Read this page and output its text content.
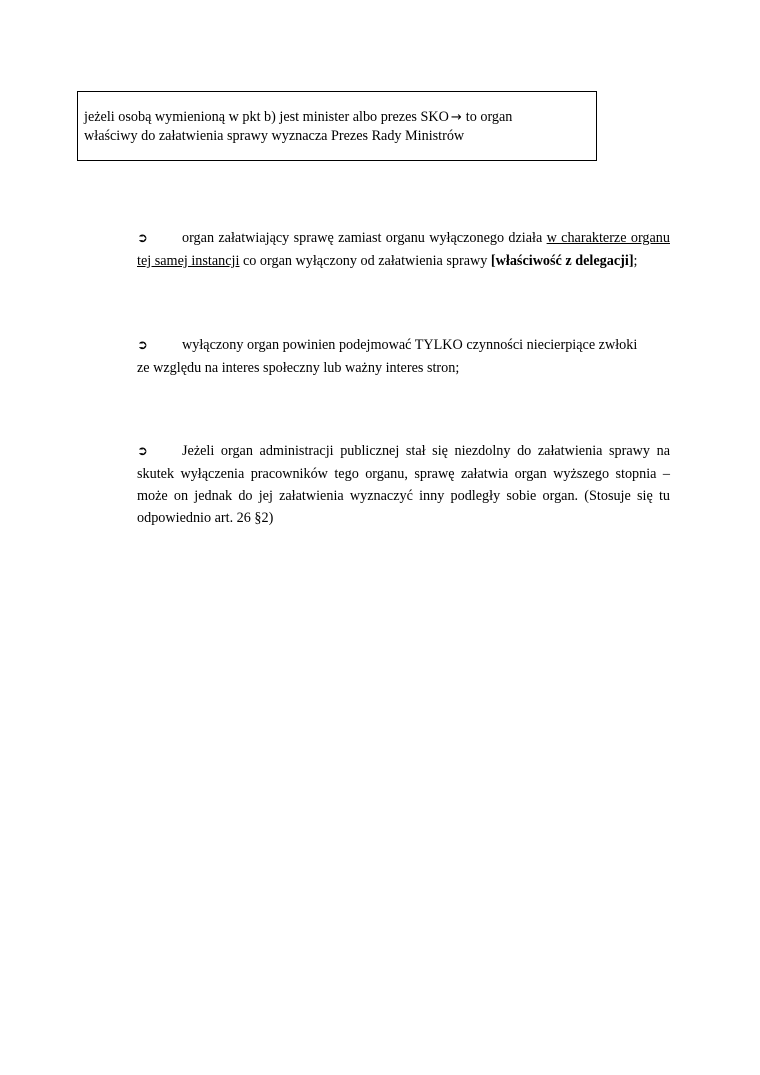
jeżeli osobą wymienioną w pkt b) jest minister albo prezes SKO → to organ
właściwy do załatwienia sprawy wyznacza Prezes Rady Ministrów
➲ organ załatwiający sprawę zamiast organu wyłączonego działa w charakterze organu tej samej instancji co organ wyłączony od załatwienia sprawy [właściwość z delegacji];
➲ wyłączony organ powinien podejmować TYLKO czynności niecierpiące zwłoki
ze względu na interes społeczny lub ważny interes stron;
➲ Jeżeli organ administracji publicznej stał się niezdolny do załatwienia sprawy na skutek wyłączenia pracowników tego organu, sprawę załatwia organ wyższego stopnia – może on jednak do jej załatwienia wyznaczyć inny podległy sobie organ. (Stosuje się tu odpowiednio art. 26 §2)
